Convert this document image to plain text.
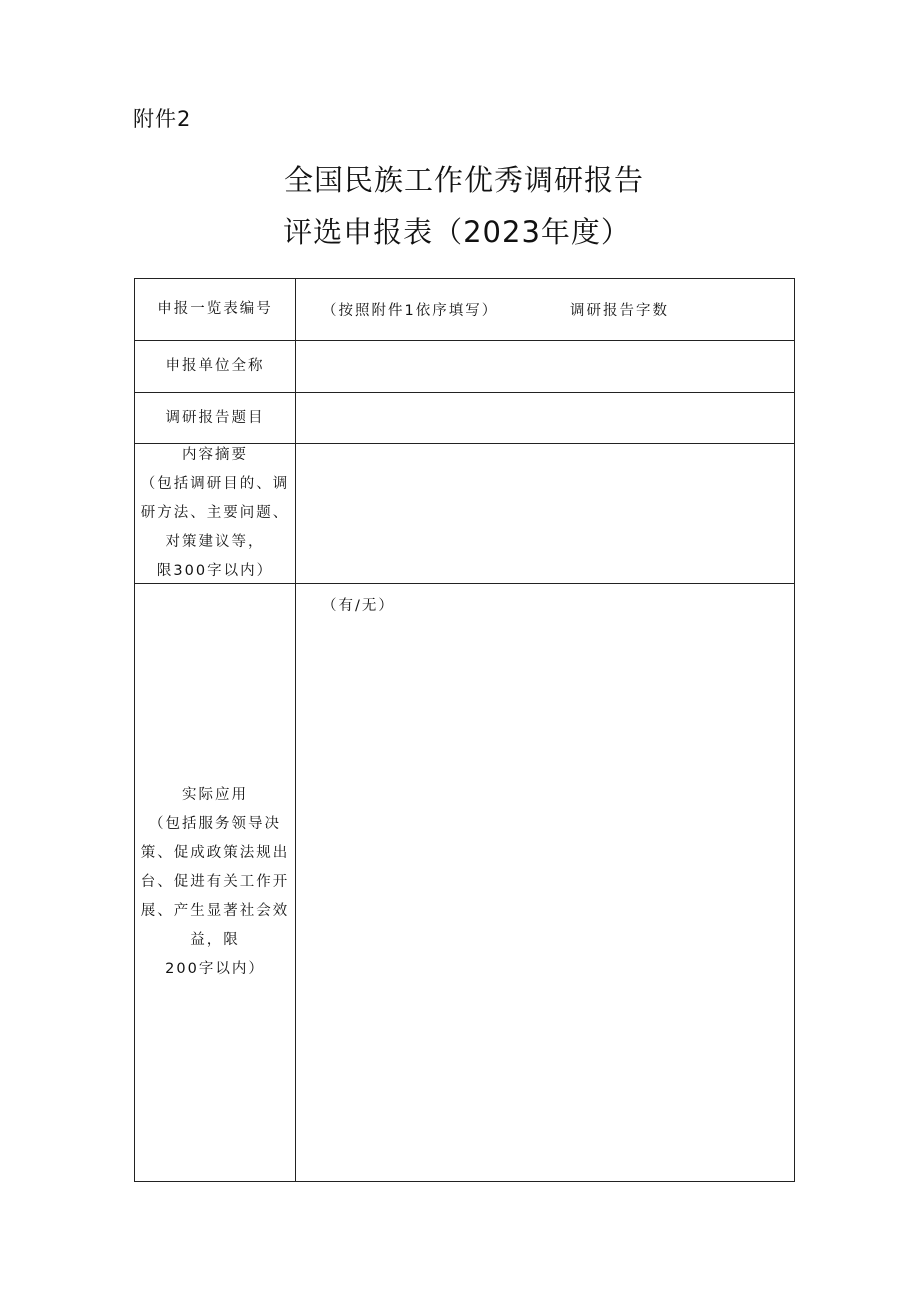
附件2
全国民族工作优秀调研报告
评选申报表（2023年度）
申报一览表编号	（按照附件1依序填写）	调研报告字数
申报单位全称
调研报告题目
内容摘要
（包括调研目的、调
研方法、主要问题、
对策建议等，
限300字以内）
实际应用
（包括服务领导决
策、促成政策法规出
台、促进有关工作开
展、产生显著社会效
益，限
200字以内）
（有/无）
